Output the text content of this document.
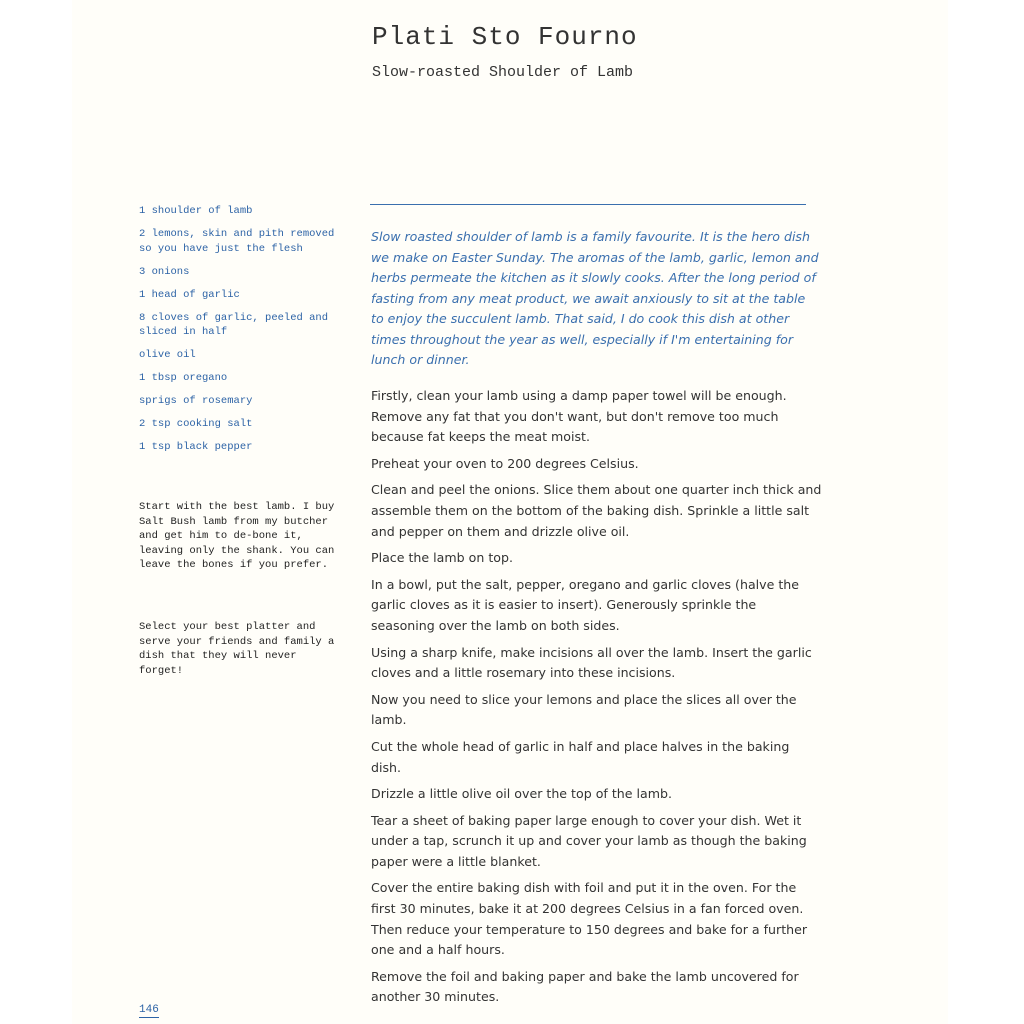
Plati Sto Fourno
Slow-roasted Shoulder of Lamb
1 shoulder of lamb
2 lemons, skin and pith removed so you have just the flesh
3 onions
1 head of garlic
8 cloves of garlic, peeled and sliced in half
olive oil
1 tbsp oregano
sprigs of rosemary
2 tsp cooking salt
1 tsp black pepper

Start with the best lamb. I buy Salt Bush lamb from my butcher and get him to de-bone it, leaving only the shank. You can leave the bones if you prefer.

Select your best platter and serve your friends and family a dish that they will never forget!

Slow roasted shoulder of lamb is a family favourite. It is the hero dish we make on Easter Sunday. The aromas of the lamb, garlic, lemon and herbs permeate the kitchen as it slowly cooks. After the long period of fasting from any meat product, we await anxiously to sit at the table to enjoy the succulent lamb. That said, I do cook this dish at other times throughout the year as well, especially if I'm entertaining for lunch or dinner.

Firstly, clean your lamb using a damp paper towel will be enough. Remove any fat that you don't want, but don't remove too much because fat keeps the meat moist.

Preheat your oven to 200 degrees Celsius.

Clean and peel the onions. Slice them about one quarter inch thick and assemble them on the bottom of the baking dish. Sprinkle a little salt and pepper on them and drizzle olive oil.

Place the lamb on top.

In a bowl, put the salt, pepper, oregano and garlic cloves (halve the garlic cloves as it is easier to insert). Generously sprinkle the seasoning over the lamb on both sides.

Using a sharp knife, make incisions all over the lamb. Insert the garlic cloves and a little rosemary into these incisions.

Now you need to slice your lemons and place the slices all over the lamb.

Cut the whole head of garlic in half and place halves in the baking dish.

Drizzle a little olive oil over the top of the lamb.

Tear a sheet of baking paper large enough to cover your dish. Wet it under a tap, scrunch it up and cover your lamb as though the baking paper were a little blanket.

Cover the entire baking dish with foil and put it in the oven. For the first 30 minutes, bake it at 200 degrees Celsius in a fan forced oven. Then reduce your temperature to 150 degrees and bake for a further one and a half hours.

Remove the foil and baking paper and bake the lamb uncovered for another 30 minutes.

146
